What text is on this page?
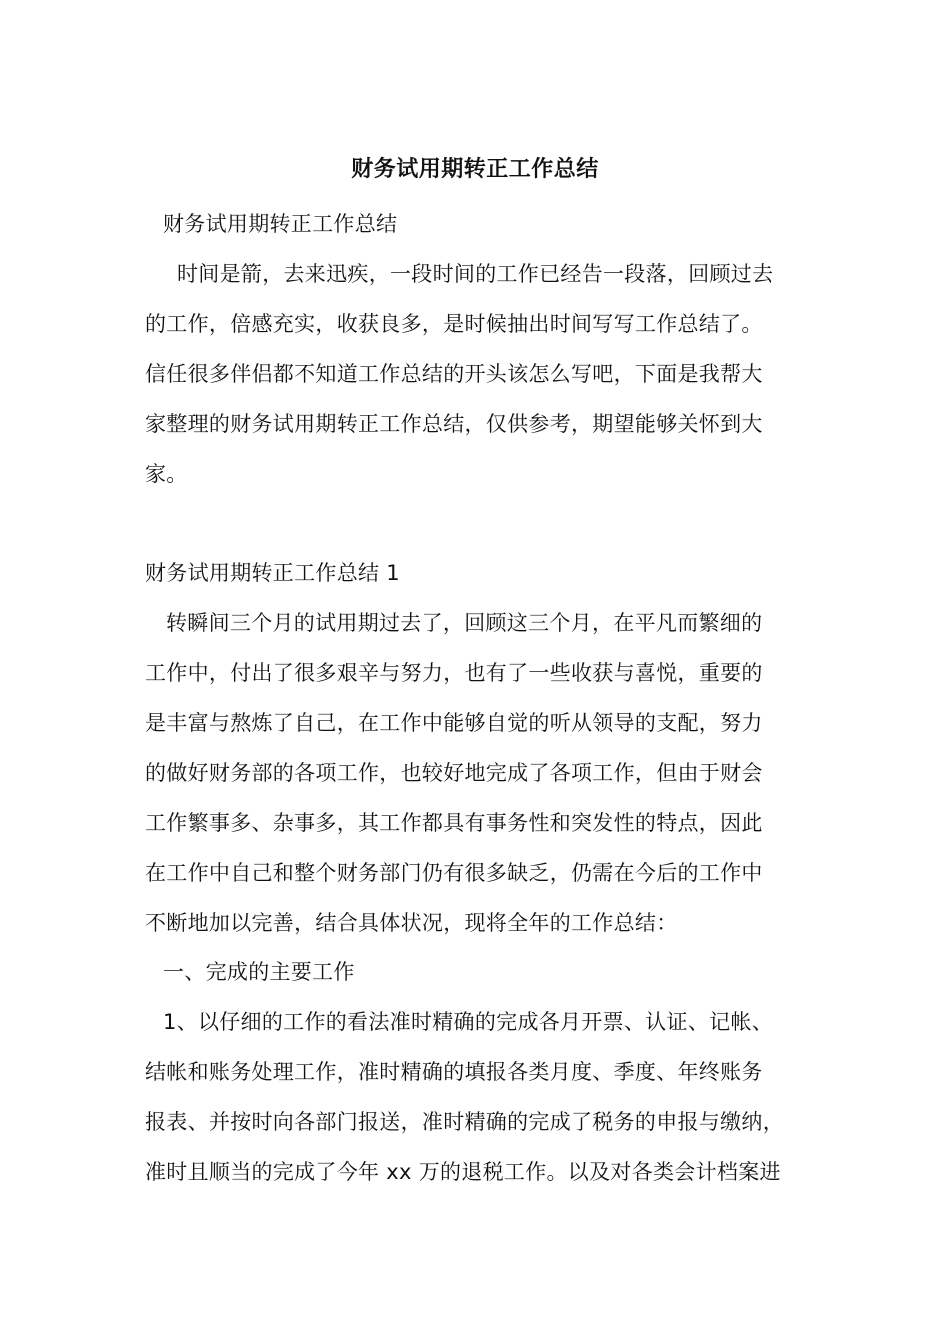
财务试用期转正工作总结
财务试用期转正工作总结
时间是箭，去来迅疾，一段时间的工作已经告一段落，回顾过去
的工作，倍感充实，收获良多，是时候抽出时间写写工作总结了。
信任很多伴侣都不知道工作总结的开头该怎么写吧，下面是我帮大
家整理的财务试用期转正工作总结，仅供参考，期望能够关怀到大
家。
财务试用期转正工作总结 1
转瞬间三个月的试用期过去了，回顾这三个月，在平凡而繁细的
工作中，付出了很多艰辛与努力，也有了一些收获与喜悦，重要的
是丰富与熬炼了自己，在工作中能够自觉的听从领导的支配，努力
的做好财务部的各项工作，也较好地完成了各项工作，但由于财会
工作繁事多、杂事多，其工作都具有事务性和突发性的特点，因此
在工作中自己和整个财务部门仍有很多缺乏，仍需在今后的工作中
不断地加以完善，结合具体状况，现将全年的工作总结：
一、完成的主要工作
1、以仔细的工作的看法准时精确的完成各月开票、认证、记帐、
结帐和账务处理工作，准时精确的填报各类月度、季度、年终账务
报表、并按时向各部门报送，准时精确的完成了税务的申报与缴纳，
准时且顺当的完成了今年 xx 万的退税工作。以及对各类会计档案进
